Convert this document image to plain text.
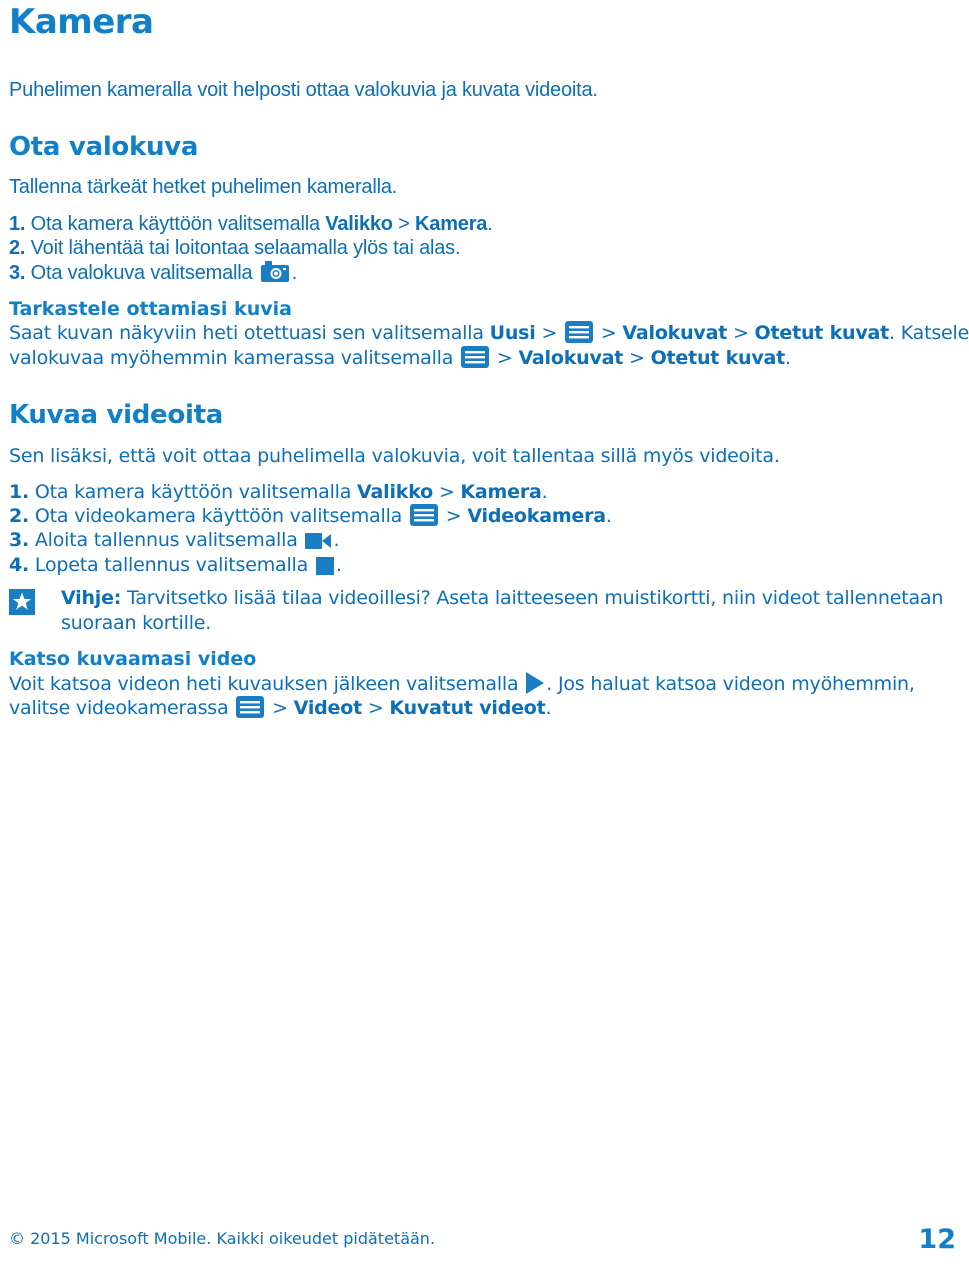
Kamera
Puhelimen kameralla voit helposti ottaa valokuvia ja kuvata videoita.
Ota valokuva
Tallenna tärkeät hetket puhelimen kameralla.
1. Ota kamera käyttöön valitsemalla Valikko > Kamera.
2. Voit lähentää tai loitontaa selaamalla ylös tai alas.
3. Ota valokuva valitsemalla .
Tarkastele ottamiasi kuvia
Saat kuvan näkyviin heti otettuasi sen valitsemalla Uusi >  > Valokuvat > Otetut kuvat. Katsele
valokuvaa myöhemmin kamerassa valitsemalla  > Valokuvat > Otetut kuvat.
Kuvaa videoita
Sen lisäksi, että voit ottaa puhelimella valokuvia, voit tallentaa sillä myös videoita.
1. Ota kamera käyttöön valitsemalla Valikko > Kamera.
2. Ota videokamera käyttöön valitsemalla  > Videokamera.
3. Aloita tallennus valitsemalla .
4. Lopeta tallennus valitsemalla .
Vihje: Tarvitsetko lisää tilaa videoillesi? Aseta laitteeseen muistikortti, niin videot tallennetaan suoraan kortille.
Katso kuvaamasi video
Voit katsoa videon heti kuvauksen jälkeen valitsemalla . Jos haluat katsoa videon myöhemmin,
valitse videokamerassa  > Videot > Kuvatut videot.
© 2015 Microsoft Mobile. Kaikki oikeudet pidätetään.	12
